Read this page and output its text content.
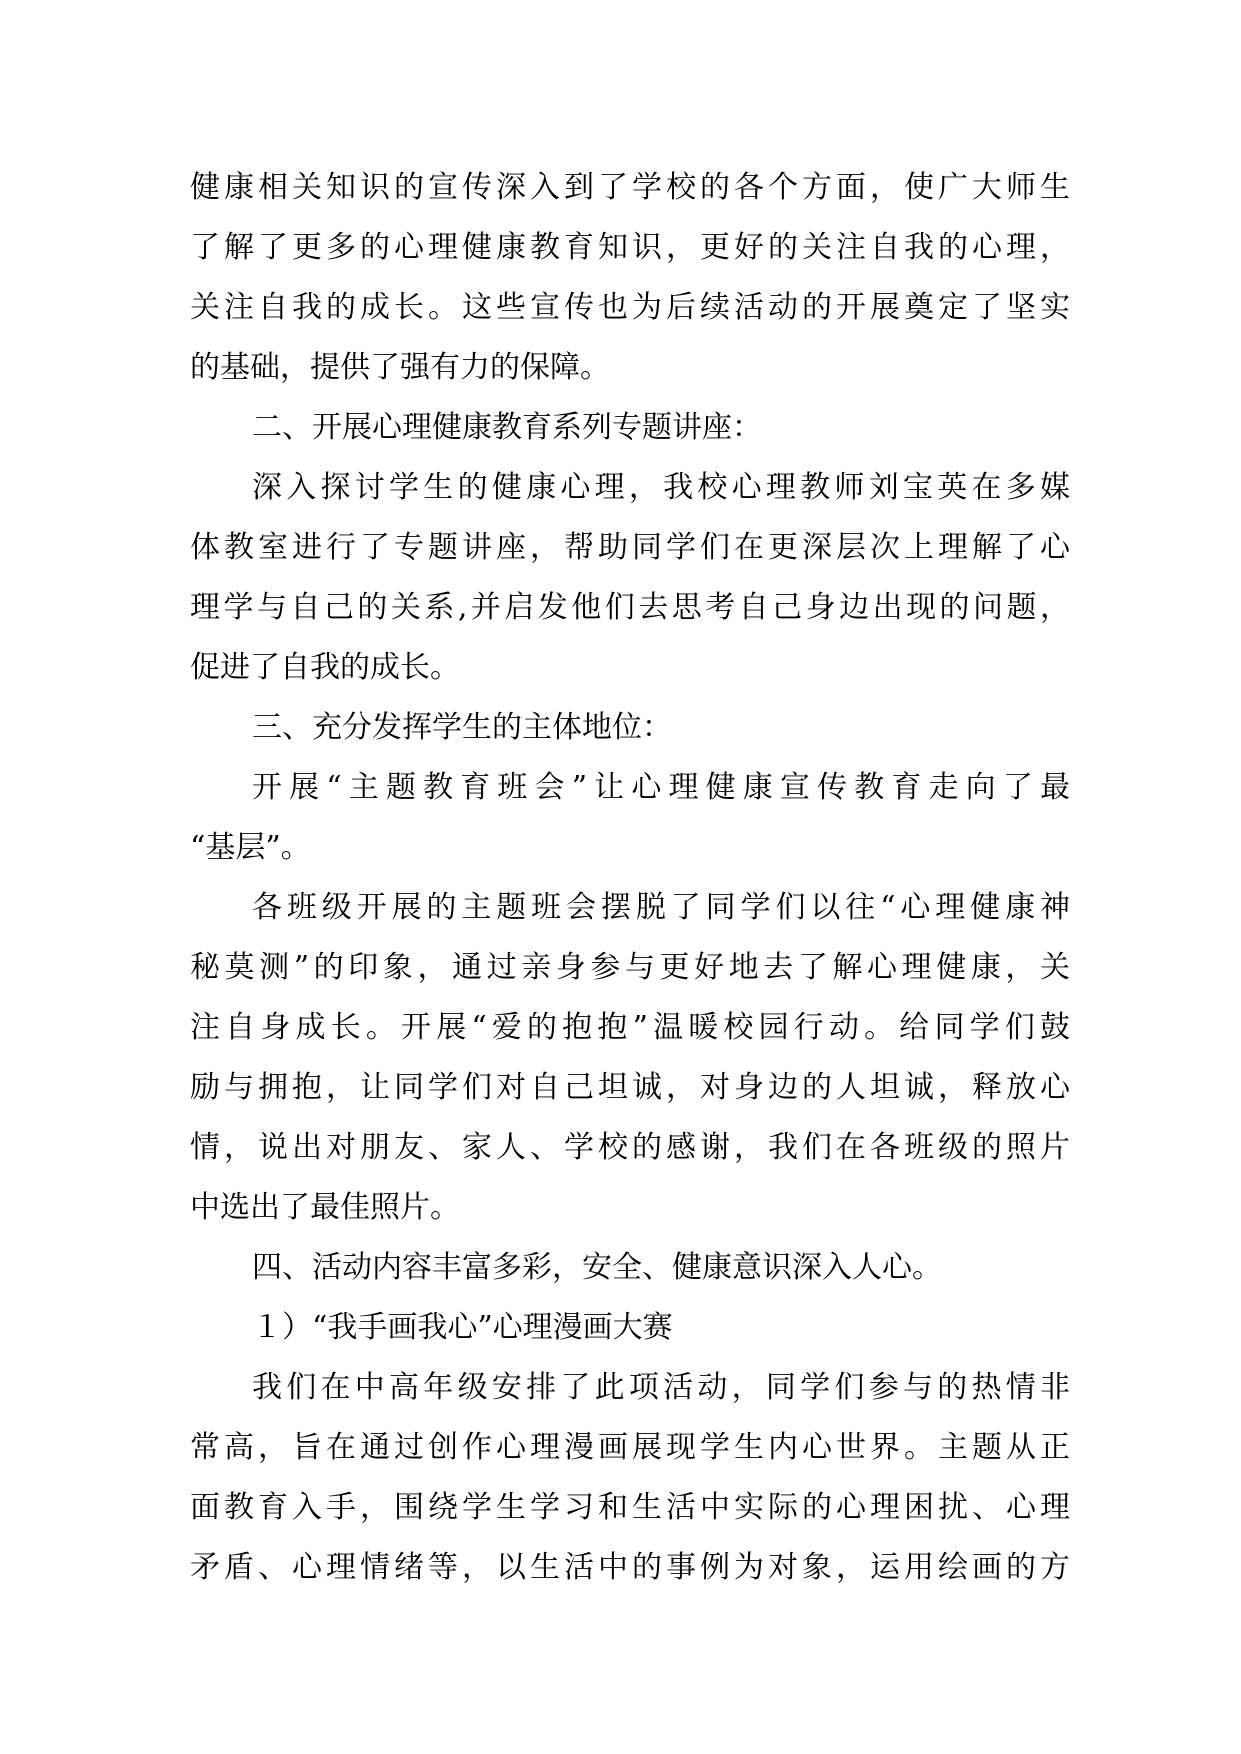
健康相关知识的宣传深入到了学校的各个方面，使广大师生
了解了更多的心理健康教育知识，更好的关注自我的心理，
关注自我的成长。这些宣传也为后续活动的开展奠定了坚实
的基础，提供了强有力的保障。
二、开展心理健康教育系列专题讲座：
深入探讨学生的健康心理，我校心理教师刘宝英在多媒
体教室进行了专题讲座，帮助同学们在更深层次上理解了心
理学与自己的关系,并启发他们去思考自己身边出现的问题，
促进了自我的成长。
三、充分发挥学生的主体地位：
开展“主题教育班会”让心理健康宣传教育走向了最
“基层”。
各班级开展的主题班会摆脱了同学们以往“心理健康神
秘莫测”的印象，通过亲身参与更好地去了解心理健康，关
注自身成长。开展“爱的抱抱”温暖校园行动。给同学们鼓
励与拥抱，让同学们对自己坦诚，对身边的人坦诚，释放心
情，说出对朋友、家人、学校的感谢，我们在各班级的照片
中选出了最佳照片。
四、活动内容丰富多彩，安全、健康意识深入人心。
１）“我手画我心”心理漫画大赛
我们在中高年级安排了此项活动，同学们参与的热情非
常高，旨在通过创作心理漫画展现学生内心世界。主题从正
面教育入手，围绕学生学习和生活中实际的心理困扰、心理
矛盾、心理情绪等，以生活中的事例为对象，运用绘画的方
